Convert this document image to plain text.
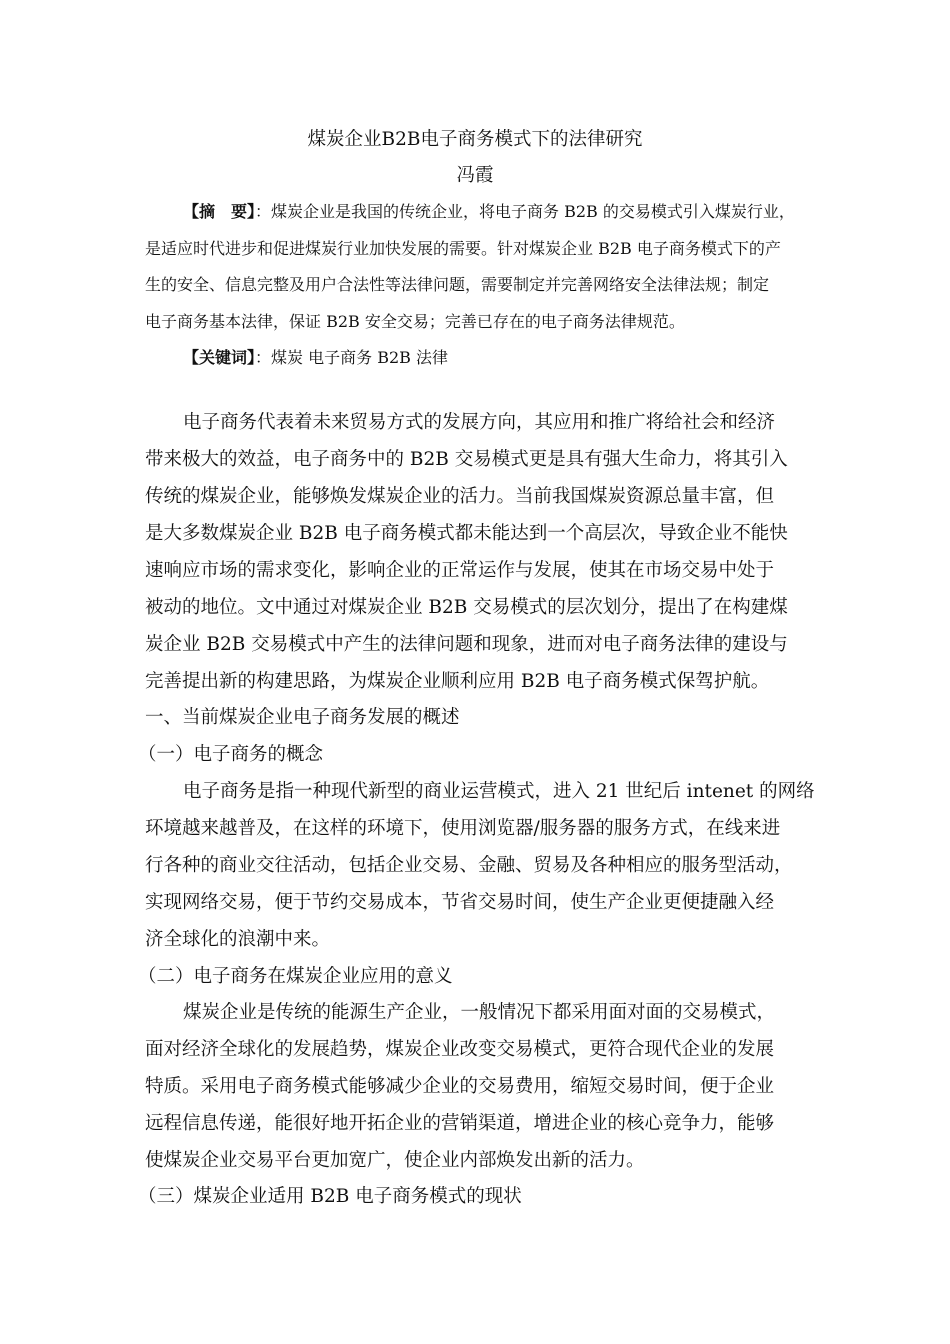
煤炭企业B2B电子商务模式下的法律研究
冯霞
【摘　要】：煤炭企业是我国的传统企业，将电子商务 B2B 的交易模式引入煤炭行业，
是适应时代进步和促进煤炭行业加快发展的需要。针对煤炭企业 B2B 电子商务模式下的产
生的安全、信息完整及用户合法性等法律问题，需要制定并完善网络安全法律法规；制定
电子商务基本法律，保证 B2B 安全交易；完善已存在的电子商务法律规范。
【关键词】：煤炭 电子商务 B2B 法律
电子商务代表着未来贸易方式的发展方向，其应用和推广将给社会和经济
带来极大的效益，电子商务中的 B2B 交易模式更是具有强大生命力，将其引入
传统的煤炭企业，能够焕发煤炭企业的活力。当前我国煤炭资源总量丰富，但
是大多数煤炭企业 B2B 电子商务模式都未能达到一个高层次，导致企业不能快
速响应市场的需求变化，影响企业的正常运作与发展，使其在市场交易中处于
被动的地位。文中通过对煤炭企业 B2B 交易模式的层次划分，提出了在构建煤
炭企业 B2B 交易模式中产生的法律问题和现象，进而对电子商务法律的建设与
完善提出新的构建思路，为煤炭企业顺利应用 B2B 电子商务模式保驾护航。
一、当前煤炭企业电子商务发展的概述
（一）电子商务的概念
电子商务是指一种现代新型的商业运营模式，进入 21 世纪后 intenet 的网络
环境越来越普及，在这样的环境下，使用浏览器/服务器的服务方式，在线来进
行各种的商业交往活动，包括企业交易、金融、贸易及各种相应的服务型活动，
实现网络交易，便于节约交易成本，节省交易时间，使生产企业更便捷融入经
济全球化的浪潮中来。
（二）电子商务在煤炭企业应用的意义
煤炭企业是传统的能源生产企业，一般情况下都采用面对面的交易模式，
面对经济全球化的发展趋势，煤炭企业改变交易模式，更符合现代企业的发展
特质。采用电子商务模式能够减少企业的交易费用，缩短交易时间，便于企业
远程信息传递，能很好地开拓企业的营销渠道，增进企业的核心竞争力，能够
使煤炭企业交易平台更加宽广，使企业内部焕发出新的活力。
（三）煤炭企业适用 B2B 电子商务模式的现状
